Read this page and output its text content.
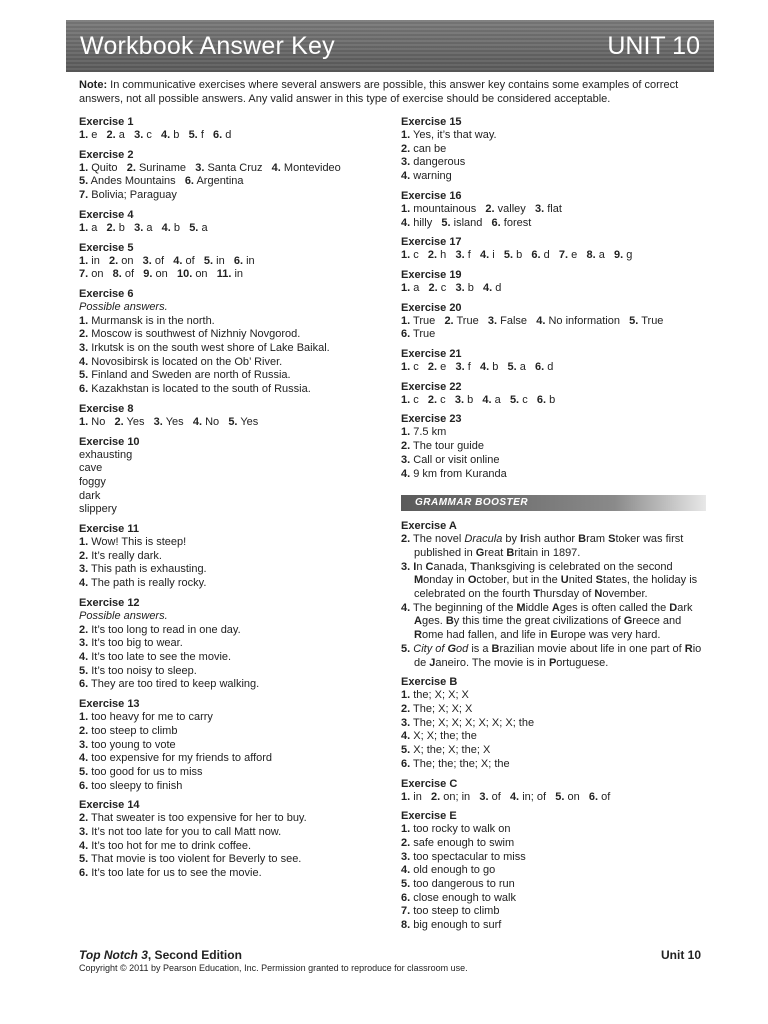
Workbook Answer Key	UNIT 10
Note: In communicative exercises where several answers are possible, this answer key contains some examples of correct answers, not all possible answers. Any valid answer in this type of exercise should be considered acceptable.
Exercise 1
1. e 2. a 3. c 4. b 5. f 6. d
Exercise 2
1. Quito 2. Suriname 3. Santa Cruz 4. Montevideo
5. Andes Mountains 6. Argentina
7. Bolivia; Paraguay
Exercise 4
1. a 2. b 3. a 4. b 5. a
Exercise 5
1. in 2. on 3. of 4. of 5. in 6. in
7. on 8. of 9. on 10. on 11. in
Exercise 6
Possible answers.
1. Murmansk is in the north.
2. Moscow is southwest of Nizhniy Novgorod.
3. Irkutsk is on the south west shore of Lake Baikal.
4. Novosibirsk is located on the Ob’ River.
5. Finland and Sweden are north of Russia.
6. Kazakhstan is located to the south of Russia.
Exercise 8
1. No 2. Yes 3. Yes 4. No 5. Yes
Exercise 10
exhausting
cave
foggy
dark
slippery
Exercise 11
1. Wow! This is steep!
2. It’s really dark.
3. This path is exhausting.
4. The path is really rocky.
Exercise 12
Possible answers.
2. It’s too long to read in one day.
3. It’s too big to wear.
4. It’s too late to see the movie.
5. It’s too noisy to sleep.
6. They are too tired to keep walking.
Exercise 13
1. too heavy for me to carry
2. too steep to climb
3. too young to vote
4. too expensive for my friends to afford
5. too good for us to miss
6. too sleepy to finish
Exercise 14
2. That sweater is too expensive for her to buy.
3. It’s not too late for you to call Matt now.
4. It’s too hot for me to drink coffee.
5. That movie is too violent for Beverly to see.
6. It’s too late for us to see the movie.
Exercise 15
1. Yes, it’s that way.
2. can be
3. dangerous
4. warning
Exercise 16
1. mountainous 2. valley 3. flat
4. hilly 5. island 6. forest
Exercise 17
1. c 2. h 3. f 4. i 5. b 6. d 7. e 8. a 9. g
Exercise 19
1. a 2. c 3. b 4. d
Exercise 20
1. True 2. True 3. False 4. No information 5. True
6. True
Exercise 21
1. c 2. e 3. f 4. b 5. a 6. d
Exercise 22
1. c 2. c 3. b 4. a 5. c 6. b
Exercise 23
1. 7.5 km
2. The tour guide
3. Call or visit online
4. 9 km from Kuranda
GRAMMAR BOOSTER
Exercise A
2. The novel Dracula by Irish author Bram Stoker was first published in Great Britain in 1897.
3. In Canada, Thanksgiving is celebrated on the second Monday in October, but in the United States, the holiday is celebrated on the fourth Thursday of November.
4. The beginning of the Middle Ages is often called the Dark Ages. By this time the great civilizations of Greece and Rome had fallen, and life in Europe was very hard.
5. City of God is a Brazilian movie about life in one part of Rio de Janeiro. The movie is in Portuguese.
Exercise B
1. the; X; X; X
2. The; X; X; X
3. The; X; X; X; X; X; X; the
4. X; X; the; the
5. X; the; X; the; X
6. The; the; the; X; the
Exercise C
1. in 2. on; in 3. of 4. in; of 5. on 6. of
Exercise E
1. too rocky to walk on
2. safe enough to swim
3. too spectacular to miss
4. old enough to go
5. too dangerous to run
6. close enough to walk
7. too steep to climb
8. big enough to surf
Top Notch 3, Second Edition	Unit 10
Copyright © 2011 by Pearson Education, Inc. Permission granted to reproduce for classroom use.
